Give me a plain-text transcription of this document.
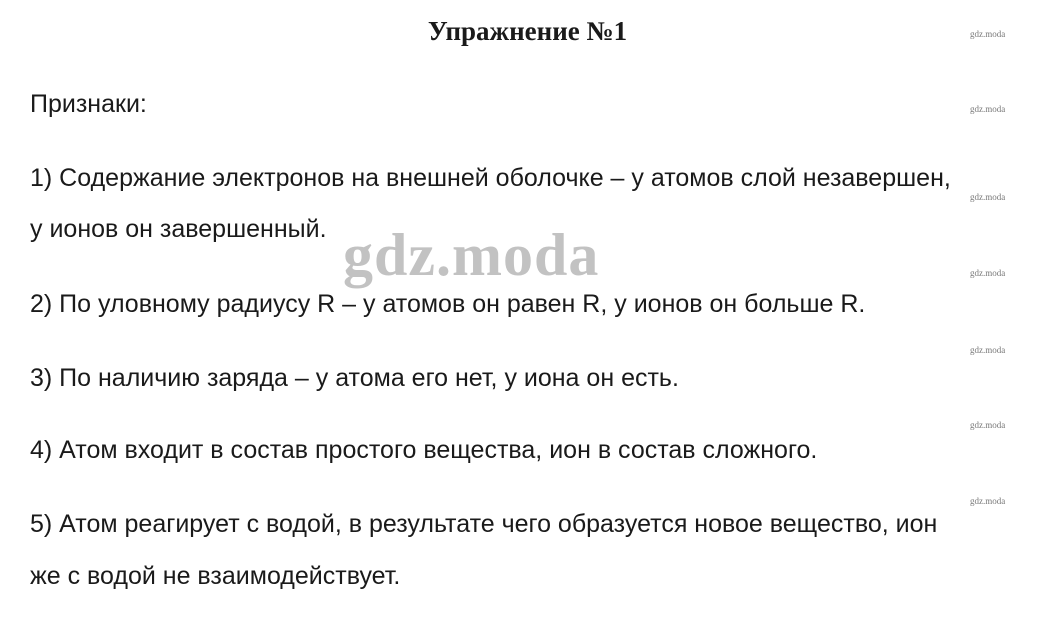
Упражнение №1

Признаки:

1) Содержание электронов на внешней оболочке – у атомов слой незавершен,

у ионов он завершенный.

2) По уловному радиусу R – у атомов он равен R, у ионов он больше R.

3) По наличию заряда – у атома его нет, у иона он есть.

4) Атом входит в состав простого вещества, ион в состав сложного.

5) Атом реагирует с водой, в результате чего образуется новое вещество, ион

же с водой не взаимодействует.

gdz.moda
gdz.moda
gdz.moda
gdz.moda
gdz.moda
gdz.moda
gdz.moda
gdz.moda
